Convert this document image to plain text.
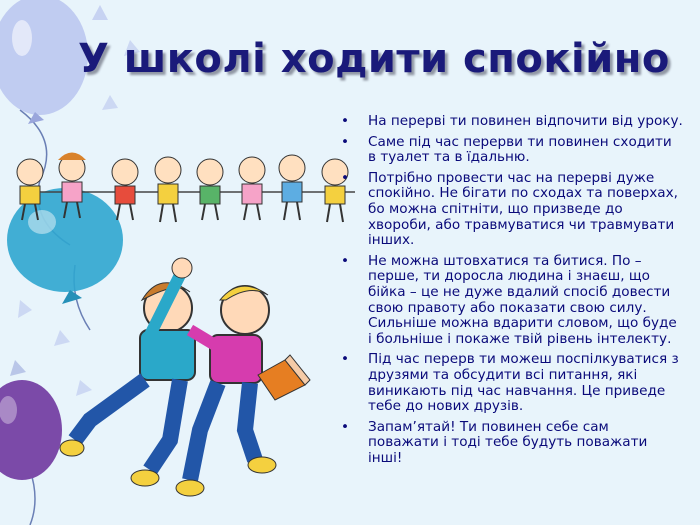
У школі ходити спокійно
• На перерві ти повинен відпочити від уроку.
• Саме під час перерви ти повинен сходити в туалет та в їдальню.
• Потрібно провести час на перерві дуже спокійно. Не бігати по сходах та поверхах, бо можна спітніти, що призведе до хвороби, або травмуватися чи травмувати інших.
• Не можна штовхатися та битися. По – перше, ти доросла людина і знаєш, що бійка – це не дуже вдалий спосіб довести свою правоту або показати свою силу. Сильніше можна вдарити словом, що буде і больніше і покаже твій рівень інтелекту.
• Під час перерв ти можеш поспілкуватися з друзями та обсудити всі питання, які виникають під час навчання. Це приведе тебе до нових друзів.
• Запам’ятай! Ти повинен себе сам поважати і тоді тебе будуть поважати інші!
